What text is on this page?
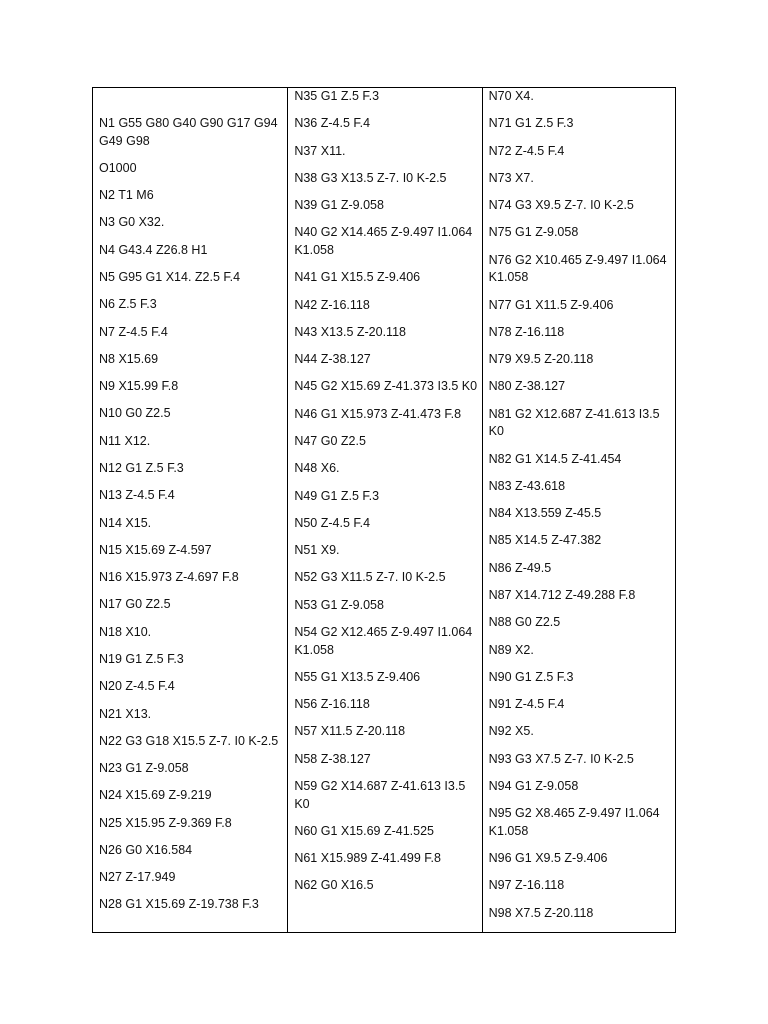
N1 G55 G80 G40 G90 G17 G94 G49 G98
O1000
N2 T1 M6
N3 G0 X32.
N4 G43.4 Z26.8 H1
N5 G95 G1 X14. Z2.5 F.4
N6 Z.5 F.3
N7 Z-4.5 F.4
N8 X15.69
N9 X15.99 F.8
N10 G0 Z2.5
N11 X12.
N12 G1 Z.5 F.3
N13 Z-4.5 F.4
N14 X15.
N15 X15.69 Z-4.597
N16 X15.973 Z-4.697 F.8
N17 G0 Z2.5
N18 X10.
N19 G1 Z.5 F.3
N20 Z-4.5 F.4
N21 X13.
N22 G3 G18 X15.5 Z-7. I0 K-2.5
N23 G1 Z-9.058
N24 X15.69 Z-9.219
N25 X15.95 Z-9.369 F.8
N26 G0 X16.584
N27 Z-17.949
N28 G1 X15.69 Z-19.738 F.3
N35 G1 Z.5 F.3
N36 Z-4.5 F.4
N37 X11.
N38 G3 X13.5 Z-7. I0 K-2.5
N39 G1 Z-9.058
N40 G2 X14.465 Z-9.497 I1.064 K1.058
N41 G1 X15.5 Z-9.406
N42 Z-16.118
N43 X13.5 Z-20.118
N44 Z-38.127
N45 G2 X15.69 Z-41.373 I3.5 K0
N46 G1 X15.973 Z-41.473 F.8
N47 G0 Z2.5
N48 X6.
N49 G1 Z.5 F.3
N50 Z-4.5 F.4
N51 X9.
N52 G3 X11.5 Z-7. I0 K-2.5
N53 G1 Z-9.058
N54 G2 X12.465 Z-9.497 I1.064 K1.058
N55 G1 X13.5 Z-9.406
N56 Z-16.118
N57 X11.5 Z-20.118
N58 Z-38.127
N59 G2 X14.687 Z-41.613 I3.5 K0
N60 G1 X15.69 Z-41.525
N61 X15.989 Z-41.499 F.8
N62 G0 X16.5
N70 X4.
N71 G1 Z.5 F.3
N72 Z-4.5 F.4
N73 X7.
N74 G3 X9.5 Z-7. I0 K-2.5
N75 G1 Z-9.058
N76 G2 X10.465 Z-9.497 I1.064 K1.058
N77 G1 X11.5 Z-9.406
N78 Z-16.118
N79 X9.5 Z-20.118
N80 Z-38.127
N81 G2 X12.687 Z-41.613 I3.5 K0
N82 G1 X14.5 Z-41.454
N83 Z-43.618
N84 X13.559 Z-45.5
N85 X14.5 Z-47.382
N86 Z-49.5
N87 X14.712 Z-49.288 F.8
N88 G0 Z2.5
N89 X2.
N90 G1 Z.5 F.3
N91 Z-4.5 F.4
N92 X5.
N93 G3 X7.5 Z-7. I0 K-2.5
N94 G1 Z-9.058
N95 G2 X8.465 Z-9.497 I1.064 K1.058
N96 G1 X9.5 Z-9.406
N97 Z-16.118
N98 X7.5 Z-20.118
